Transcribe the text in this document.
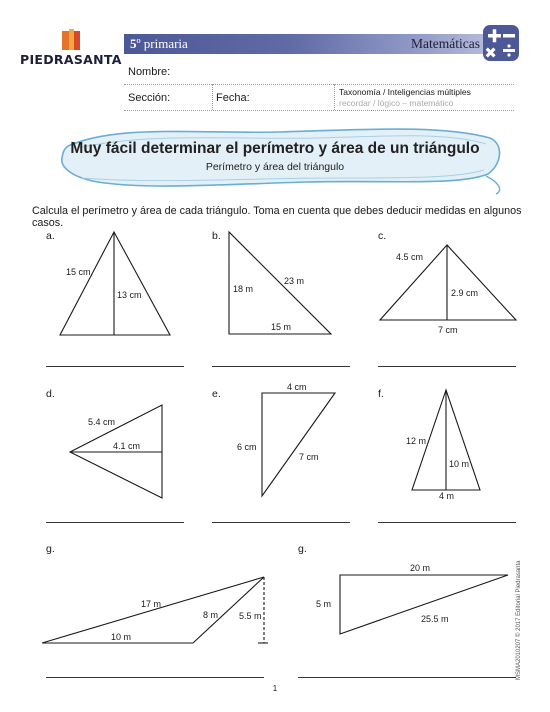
PIEDRASANTA
5º primaria	Matemáticas
Nombre:
Sección:	Fecha:	Taxonomía / Inteligencias múltiples
recordar / lógico – matemático
Muy fácil determinar el perímetro y área de un triángulo
Perímetro y área del triángulo
Calcula el perímetro y área de cada triángulo. Toma en cuenta que debes deducir medidas en algunos casos.
a.	b.	c.
d.	e.	f.
g.	g.
15 cm
13 cm
18 m
23 m
15 m
4.5 cm
2.9 cm
7 cm
5.4 cm
4.1 cm
4 cm
6 cm
7 cm
12 m
10 m
4 m
17 m
8 m 5.5 m
10 m
20 m
5 m
25.5 m
1
MSMA2010207 © 2017 Editorial Piedrasanta
